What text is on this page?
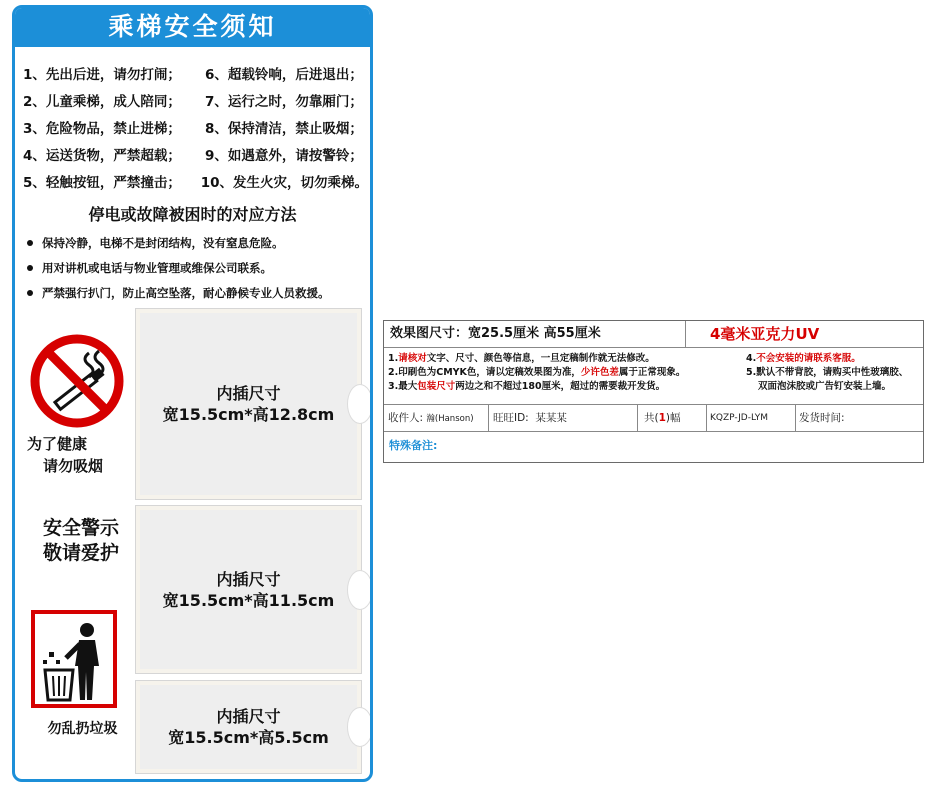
乘梯安全须知
1、先出后进，请勿打闹；	6、超载铃响，后进退出；
2、儿童乘梯，成人陪同；	7、运行之时，勿靠厢门；
3、危险物品，禁止进梯；	8、保持清洁，禁止吸烟；
4、运送货物，严禁超载；	9、如遇意外，请按警铃；
5、轻触按钮，严禁撞击；	10、发生火灾，切勿乘梯。
停电或故障被困时的对应方法
保持冷静，电梯不是封闭结构，没有窒息危险。
用对讲机或电话与物业管理或维保公司联系。
严禁强行扒门，防止高空坠落，耐心静候专业人员救援。
为了健康
请勿吸烟
安全警示
敬请爱护
勿乱扔垃圾
内插尺寸
宽15.5cm*高12.8cm
内插尺寸
宽15.5cm*高11.5cm
内插尺寸
宽15.5cm*高5.5cm
效果图尺寸：宽25.5厘米 高55厘米	4毫米亚克力UV
1.请核对文字、尺寸、颜色等信息，一旦定稿制作就无法修改。
2.印刷色为CMYK色，请以定稿效果图为准，少许色差属于正常现象。
3.最大包装尺寸两边之和不超过180厘米，超过的需要裁开发货。
4.不会安装的请联系客服。
5.默认不带背胶，请购买中性玻璃胶、
双面泡沫胶或广告钉安装上墙。
收件人: 瀚(Hanson)	旺旺ID: 某某某	共(1)幅	KQZP-JD-LYM	发货时间:
特殊备注:
